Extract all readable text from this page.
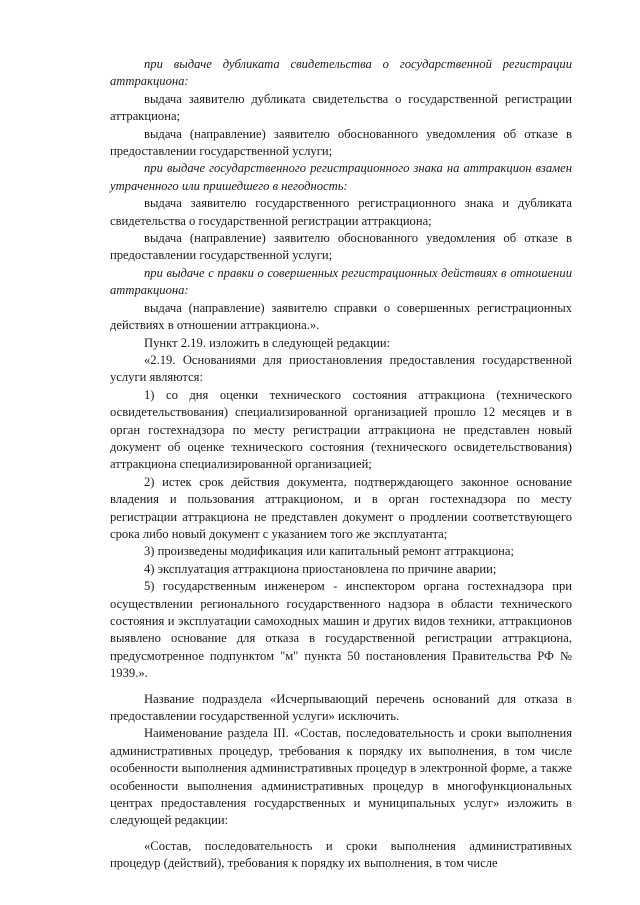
при выдаче дубликата свидетельства о государственной регистрации аттракциона:

выдача заявителю дубликата свидетельства о государственной регистрации аттракциона;

выдача (направление) заявителю обоснованного уведомления об отказе в предоставлении государственной услуги;

при выдаче государственного регистрационного знака на аттракцион взамен утраченного или пришедшего в негодность:

выдача заявителю государственного регистрационного знака и дубликата свидетельства о государственной регистрации аттракциона;

выдача (направление) заявителю обоснованного уведомления об отказе в предоставлении государственной услуги;

при выдаче с правки о совершенных регистрационных действиях в отношении аттракциона:

выдача (направление) заявителю справки о совершенных регистрационных действиях в отношении аттракциона.».

Пункт 2.19. изложить в следующей редакции:

«2.19. Основаниями для приостановления предоставления государственной услуги являются:

1) со дня оценки технического состояния аттракциона (технического освидетельствования) специализированной организацией прошло 12 месяцев и в орган гостехнадзора по месту регистрации аттракциона не представлен новый документ об оценке технического состояния (технического освидетельствования) аттракциона специализированной организацией;

2) истек срок действия документа, подтверждающего законное основание владения и пользования аттракционом, и в орган гостехнадзора по месту регистрации аттракциона не представлен документ о продлении соответствующего срока либо новый документ с указанием того же эксплуатанта;

3) произведены модификация или капитальный ремонт аттракциона;

4) эксплуатация аттракциона приостановлена по причине аварии;

5) государственным инженером - инспектором органа гостехнадзора при осуществлении регионального государственного надзора в области технического состояния и эксплуатации самоходных машин и других видов техники, аттракционов выявлено основание для отказа в государственной регистрации аттракциона, предусмотренное подпунктом "м" пункта 50 постановления Правительства РФ № 1939.».

Название подраздела «Исчерпывающий перечень оснований для отказа в предоставлении государственной услуги» исключить.

Наименование раздела III. «Состав, последовательность и сроки выполнения административных процедур, требования к порядку их выполнения, в том числе особенности выполнения административных процедур в электронной форме, а также особенности выполнения административных процедур в многофункциональных центрах предоставления государственных и муниципальных услуг» изложить в следующей редакции:

«Состав, последовательность и сроки выполнения административных процедур (действий), требования к порядку их выполнения, в том числе
